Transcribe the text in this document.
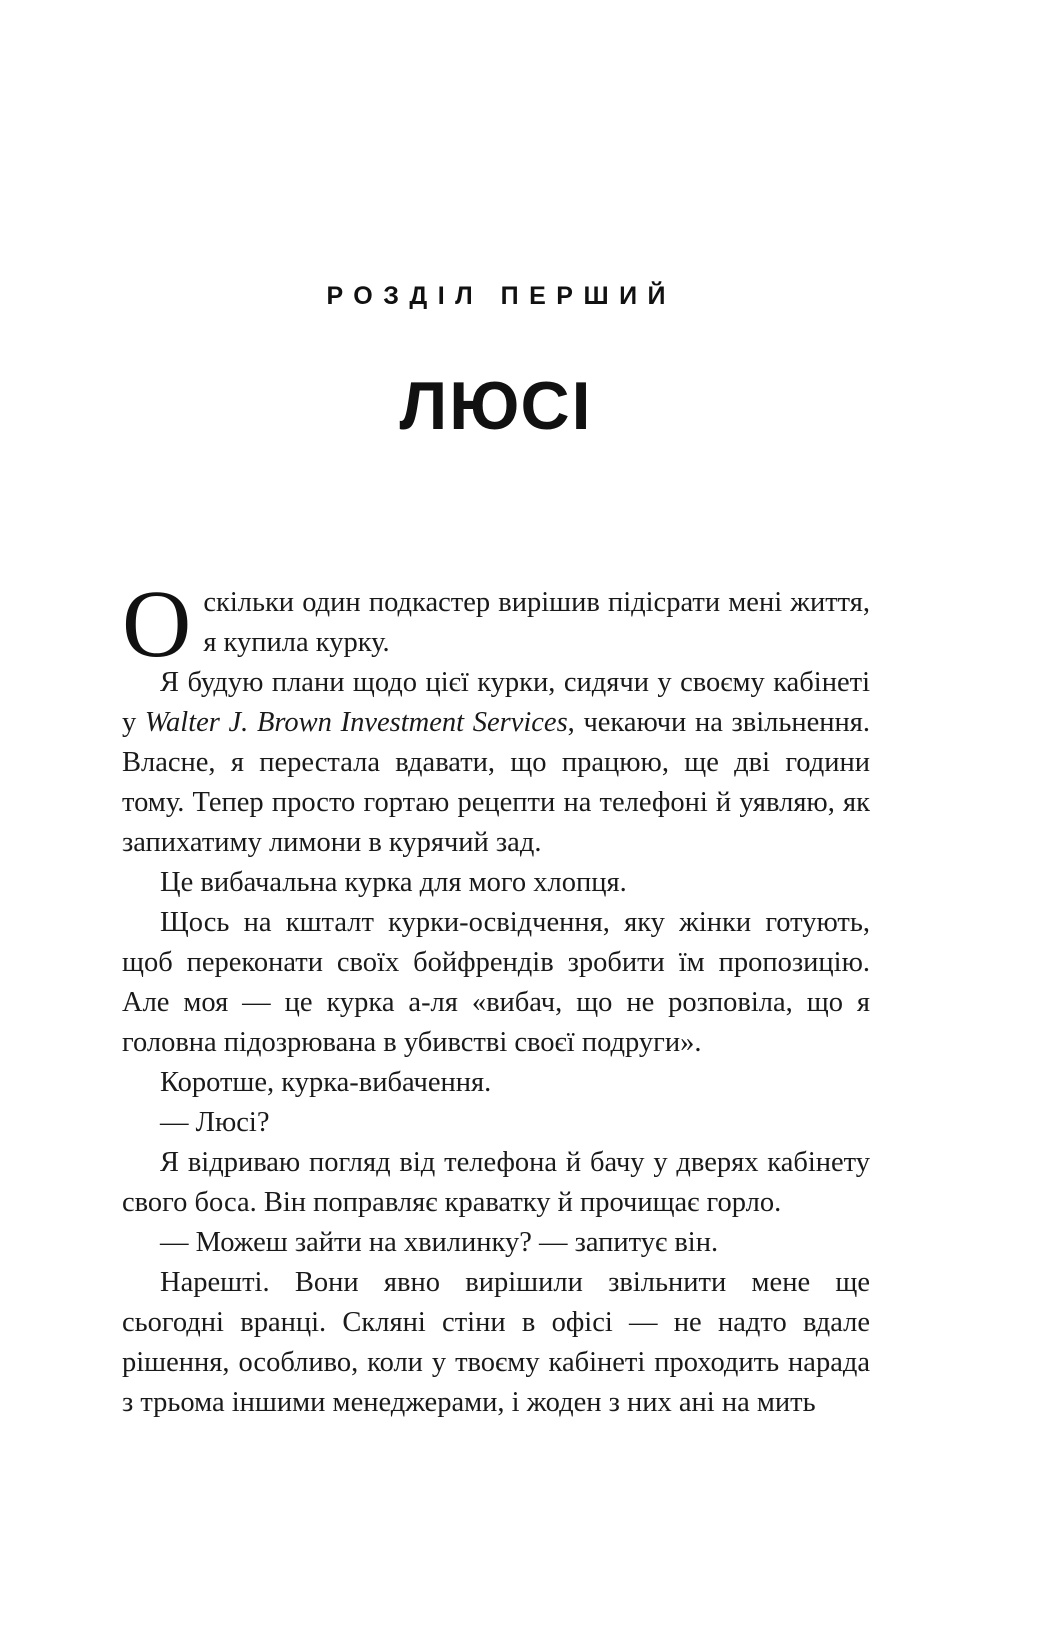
РОЗДІЛ ПЕРШИЙ
ЛЮСІ

Оскільки один подкастер вирішив підісрати мені життя, я купила курку.

Я будую плани щодо цієї курки, сидячи у своєму кабінеті у Walter J. Brown Investment Services, чекаючи на звільнення. Власне, я перестала вдавати, що працюю, ще дві години тому. Тепер просто гортаю рецепти на телефоні й уявляю, як запихатиму лимони в курячий зад.

Це вибачальна курка для мого хлопця.

Щось на кшталт курки-освідчення, яку жінки готують, щоб переконати своїх бойфрендів зробити їм пропозицію. Але моя — це курка а-ля «вибач, що не розповіла, що я головна підозрювана в убивстві своєї подруги».

Коротше, курка-вибачення.

— Люсі?

Я відриваю погляд від телефона й бачу у дверях кабінету свого боса. Він поправляє краватку й прочищає горло.

— Можеш зайти на хвилинку? — запитує він.

Нарешті. Вони явно вирішили звільнити мене ще сьогодні вранці. Скляні стіни в офісі — не надто вдале рішення, особливо, коли у твоєму кабінеті проходить нарада з трьома іншими менеджерами, і жоден з них ані на мить
